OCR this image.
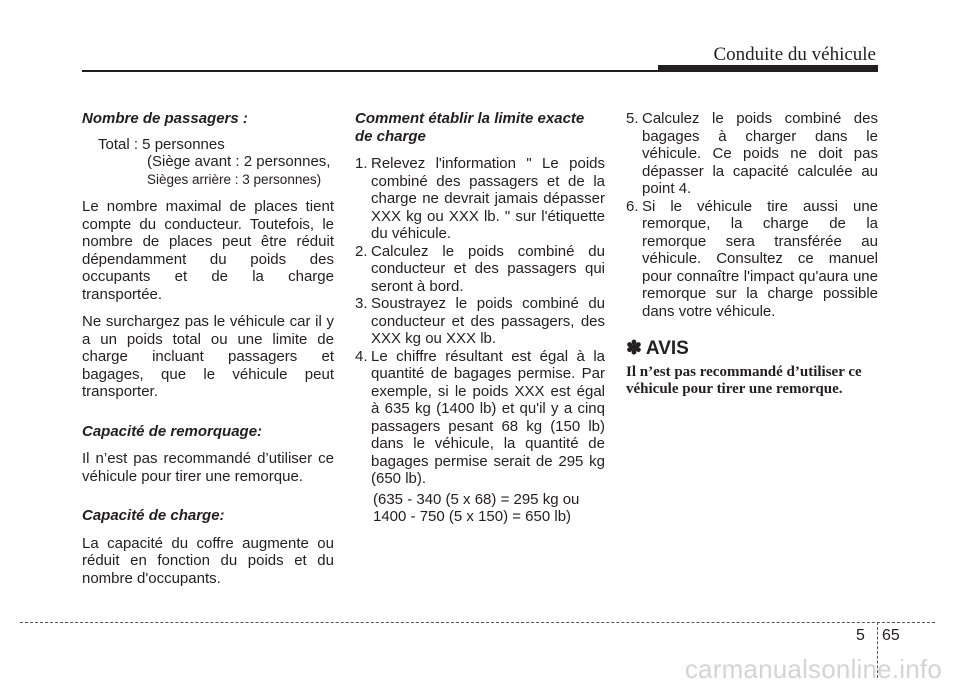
Conduite du véhicule

Nombre de passagers :

Total : 5 personnes

(Siège avant : 2 personnes,

Sièges arrière : 3 personnes)

Le nombre maximal de places tient compte du conducteur. Toutefois, le nombre de places peut être réduit dépendamment du poids des occupants et de la charge transportée.

Ne surchargez pas le véhicule car il y a un poids total ou une limite de charge incluant passagers et bagages, que le véhicule peut transporter.

Capacité de remorquage:

Il n’est pas recommandé d’utiliser ce véhicule pour tirer une remorque.

Capacité de charge:

La capacité du coffre augmente ou réduit en fonction du poids et du nombre d'occupants.

Comment établir la limite exacte

de charge

1. Relevez l'information " Le poids combiné des passagers et de la charge ne devrait jamais dépasser XXX kg ou XXX lb. " sur l'étiquette du véhicule.
2. Calculez le poids combiné du conducteur et des passagers qui seront à bord.
3. Soustrayez le poids combiné du conducteur et des passagers, des XXX kg ou XXX lb.
4. Le chiffre résultant est égal à la quantité de bagages permise. Par exemple, si le poids XXX est égal à 635 kg (1400 lb) et qu'il y a cinq passagers pesant 68 kg (150 lb) dans le véhicule, la quantité de bagages permise serait de 295 kg (650 lb).

(635 - 340 (5 x 68) = 295 kg ou

1400 - 750 (5 x 150) = 650 lb)

5. Calculez le poids combiné des bagages à charger dans le véhicule. Ce poids ne doit pas dépasser la capacité calculée au point 4.
6. Si le véhicule tire aussi une remorque, la charge de la remorque sera transférée au véhicule. Consultez ce manuel pour connaître l'impact qu'aura une remorque sur la charge possible dans votre véhicule.

✽ AVIS

Il n’est pas recommandé d’utiliser ce véhicule pour tirer une remorque.

5 65
carmanualsonline.info
